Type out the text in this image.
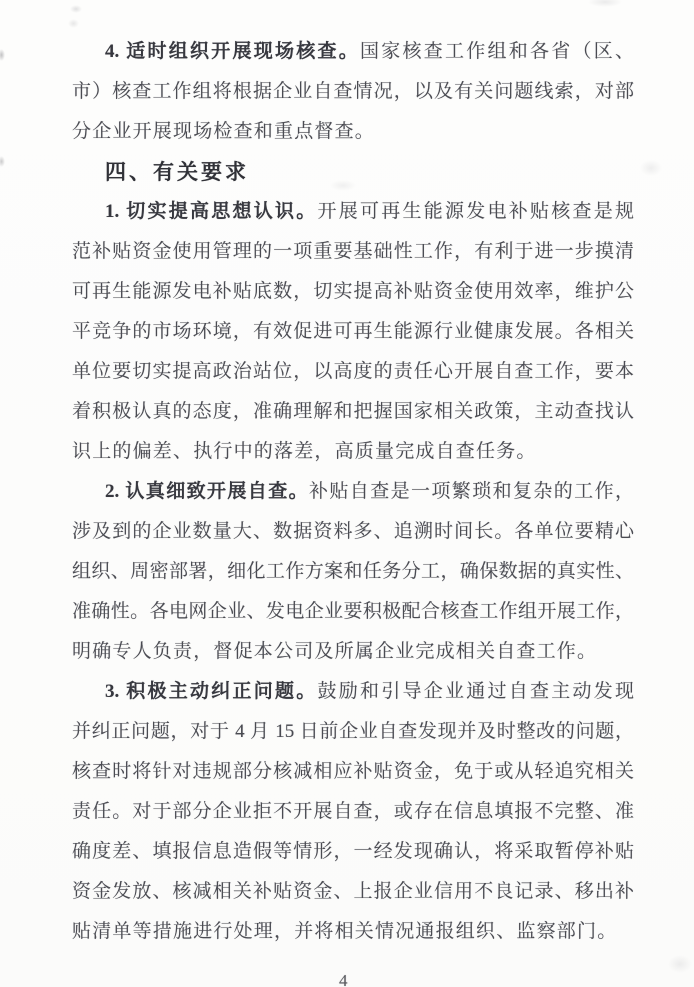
4. 适时组织开展现场核查。国家核查工作组和各省（区、
市）核查工作组将根据企业自查情况，以及有关问题线索，对部
分企业开展现场检查和重点督查。
四、有关要求
1. 切实提高思想认识。开展可再生能源发电补贴核查是规
范补贴资金使用管理的一项重要基础性工作，有利于进一步摸清
可再生能源发电补贴底数，切实提高补贴资金使用效率，维护公
平竞争的市场环境，有效促进可再生能源行业健康发展。各相关
单位要切实提高政治站位，以高度的责任心开展自查工作，要本
着积极认真的态度，准确理解和把握国家相关政策，主动查找认
识上的偏差、执行中的落差，高质量完成自查任务。
2. 认真细致开展自查。补贴自查是一项繁琐和复杂的工作，
涉及到的企业数量大、数据资料多、追溯时间长。各单位要精心
组织、周密部署，细化工作方案和任务分工，确保数据的真实性、
准确性。各电网企业、发电企业要积极配合核查工作组开展工作，
明确专人负责，督促本公司及所属企业完成相关自查工作。
3. 积极主动纠正问题。鼓励和引导企业通过自查主动发现
并纠正问题，对于 4 月 15 日前企业自查发现并及时整改的问题，
核查时将针对违规部分核减相应补贴资金，免于或从轻追究相关
责任。对于部分企业拒不开展自查，或存在信息填报不完整、准
确度差、填报信息造假等情形，一经发现确认，将采取暂停补贴
资金发放、核减相关补贴资金、上报企业信用不良记录、移出补
贴清单等措施进行处理，并将相关情况通报组织、监察部门。
4
